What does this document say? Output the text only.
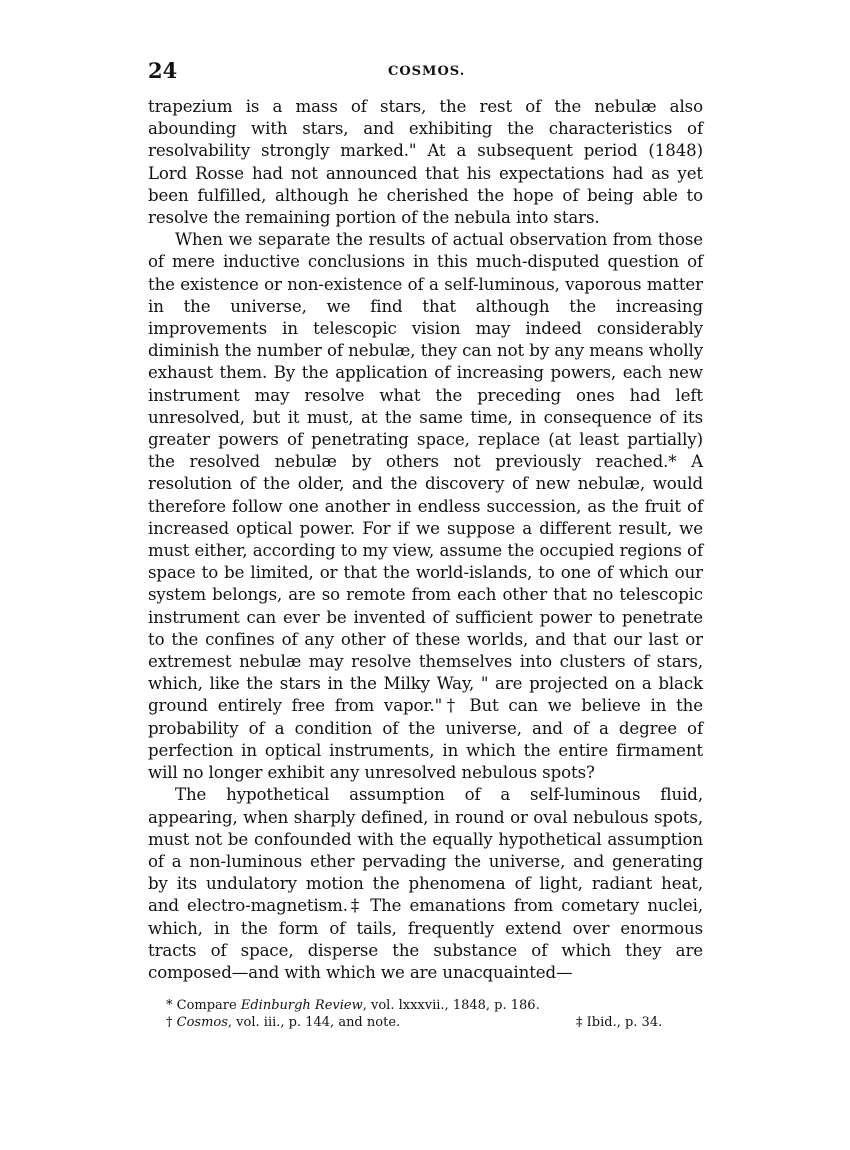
24	COSMOS.

trapezium is a mass of stars, the rest of the nebulæ also abounding with stars, and exhibiting the characteristics of resolvability strongly marked." At a subsequent period (1848) Lord Rosse had not announced that his expectations had as yet been fulfilled, although he cherished the hope of being able to resolve the remaining portion of the nebula into stars.

When we separate the results of actual observation from those of mere inductive conclusions in this much-disputed question of the existence or non-existence of a self-luminous, vaporous matter in the universe, we find that although the increasing improvements in telescopic vision may indeed considerably diminish the number of nebulæ, they can not by any means wholly exhaust them. By the application of increasing powers, each new instrument may resolve what the preceding ones had left unresolved, but it must, at the same time, in consequence of its greater powers of penetrating space, replace (at least partially) the resolved nebulæ by others not previously reached.* A resolution of the older, and the discovery of new nebulæ, would therefore follow one another in endless succession, as the fruit of increased optical power. For if we suppose a different result, we must either, according to my view, assume the occupied regions of space to be limited, or that the world-islands, to one of which our system belongs, are so remote from each other that no telescopic instrument can ever be invented of sufficient power to penetrate to the confines of any other of these worlds, and that our last or extremest nebulæ may resolve themselves into clusters of stars, which, like the stars in the Milky Way, " are projected on a black ground entirely free from vapor."† But can we believe in the probability of a condition of the universe, and of a degree of perfection in optical instruments, in which the entire firmament will no longer exhibit any unresolved nebulous spots?

The hypothetical assumption of a self-luminous fluid, appearing, when sharply defined, in round or oval nebulous spots, must not be confounded with the equally hypothetical assumption of a non-luminous ether pervading the universe, and generating by its undulatory motion the phenomena of light, radiant heat, and electro-magnetism.‡ The emanations from cometary nuclei, which, in the form of tails, frequently extend over enormous tracts of space, disperse the substance of which they are composed—and with which we are unacquainted—

* Compare Edinburgh Review, vol. lxxxvii., 1848, p. 186.
† Cosmos, vol. iii., p. 144, and note.	‡ Ibid., p. 34.
